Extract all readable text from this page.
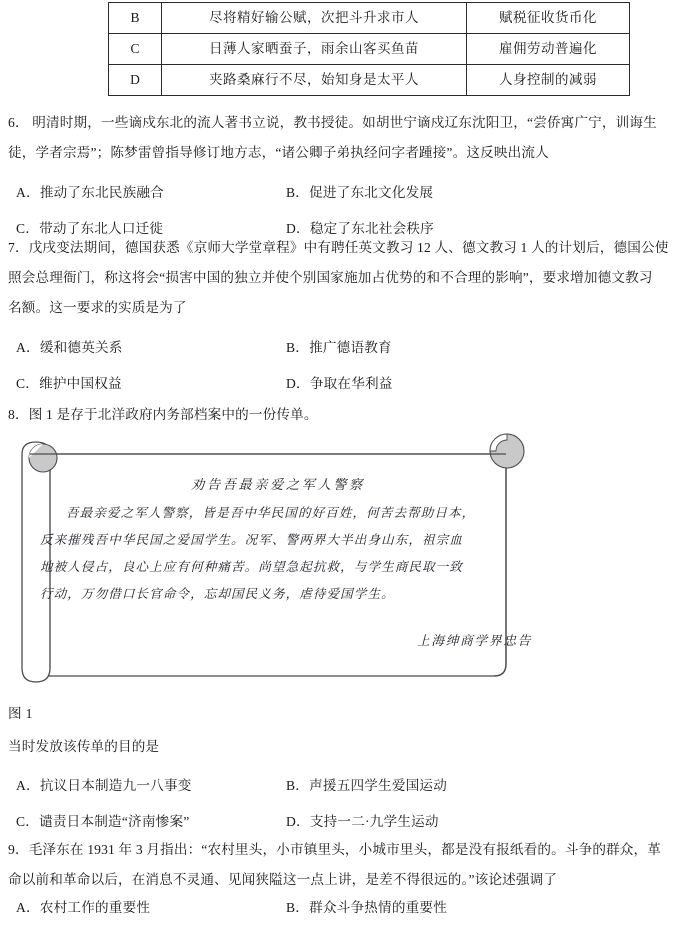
B	尽将精好输公赋，次把斗升求市人	赋税征收货币化
C	日薄人家晒蚕子，雨余山客买鱼苗	雇佣劳动普遍化
D	夹路桑麻行不尽，始知身是太平人	人身控制的减弱
6． 明清时期，一些谪戍东北的流人著书立说，教书授徒。如胡世宁谪戍辽东沈阳卫，“尝侨寓广宁，训诲生
徒，学者宗焉”；陈梦雷曾指导修订地方志，“诸公卿子弟执经问字者踵接”。这反映出流人
A．推动了东北民族融合	B．促进了东北文化发展
C．带动了东北人口迁徙	D．稳定了东北社会秩序
7．戊戌变法期间，德国获悉《京师大学堂章程》中有聘任英文教习 12 人、德文教习 1 人的计划后，德国公使
照会总理衙门，称这将会“损害中国的独立并使个别国家施加占优势的和不合理的影响”，要求增加德文教习
名额。这一要求的实质是为了
A．缓和德英关系	B．推广德语教育
C．维护中国权益	D．争取在华利益
8．图 1 是存于北洋政府内务部档案中的一份传单。
劝告吾最亲爱之军人警察

吾最亲爱之军人警察，皆是吾中华民国的好百姓，何苦去帮助日本，

反来摧残吾中华民国之爱国学生。况军、警两界大半出身山东，祖宗血

地被人侵占，良心上应有何种痛苦。尚望急起抗救，与学生商民取一致

行动，万勿借口长官命令，忘却国民义务，虐待爱国学生。

上海绅商学界忠告
图 1
当时发放该传单的目的是
A．抗议日本制造九一八事变	B．声援五四学生爱国运动
C．谴责日本制造“济南惨案”	D．支持一二·九学生运动
9．毛泽东在 1931 年 3 月指出：“农村里头，小市镇里头，小城市里头，都是没有报纸看的。斗争的群众，革
命以前和革命以后，在消息不灵通、见闻狭隘这一点上讲，是差不得很远的。”该论述强调了
A．农村工作的重要性	B．群众斗争热情的重要性
